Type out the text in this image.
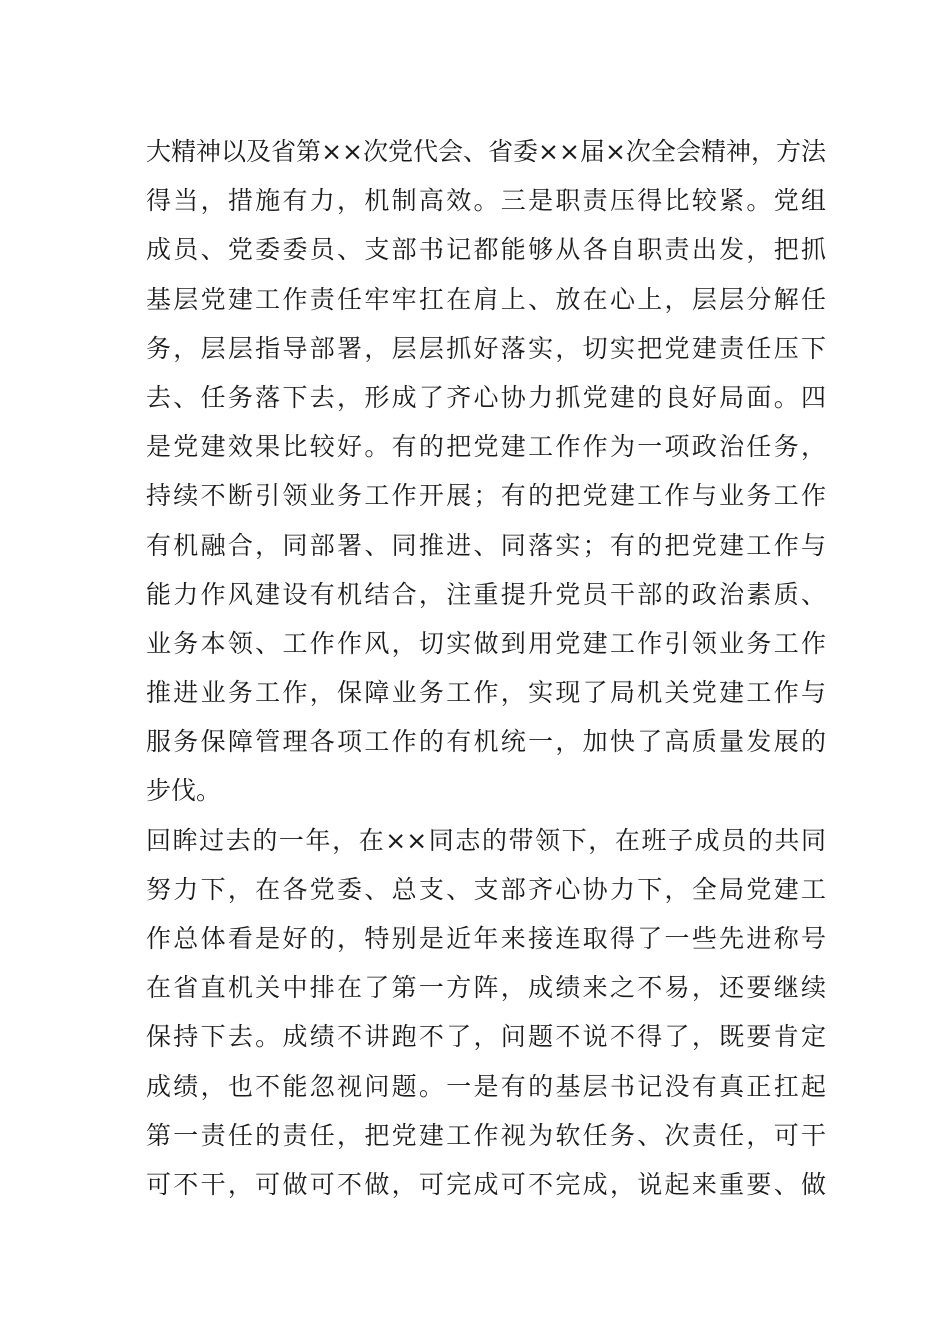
大精神以及省第××次党代会、省委××届×次全会精神，方法
得当，措施有力，机制高效。三是职责压得比较紧。党组
成员、党委委员、支部书记都能够从各自职责出发，把抓
基层党建工作责任牢牢扛在肩上、放在心上，层层分解任
务，层层指导部署，层层抓好落实，切实把党建责任压下
去、任务落下去，形成了齐心协力抓党建的良好局面。四
是党建效果比较好。有的把党建工作作为一项政治任务，
持续不断引领业务工作开展；有的把党建工作与业务工作
有机融合，同部署、同推进、同落实；有的把党建工作与
能力作风建设有机结合，注重提升党员干部的政治素质、
业务本领、工作作风，切实做到用党建工作引领业务工作
推进业务工作，保障业务工作，实现了局机关党建工作与
服务保障管理各项工作的有机统一，加快了高质量发展的
步伐。
回眸过去的一年，在××同志的带领下，在班子成员的共同
努力下，在各党委、总支、支部齐心协力下，全局党建工
作总体看是好的，特别是近年来接连取得了一些先进称号
在省直机关中排在了第一方阵，成绩来之不易，还要继续
保持下去。成绩不讲跑不了，问题不说不得了，既要肯定
成绩，也不能忽视问题。一是有的基层书记没有真正扛起
第一责任的责任，把党建工作视为软任务、次责任，可干
可不干，可做可不做，可完成可不完成，说起来重要、做
